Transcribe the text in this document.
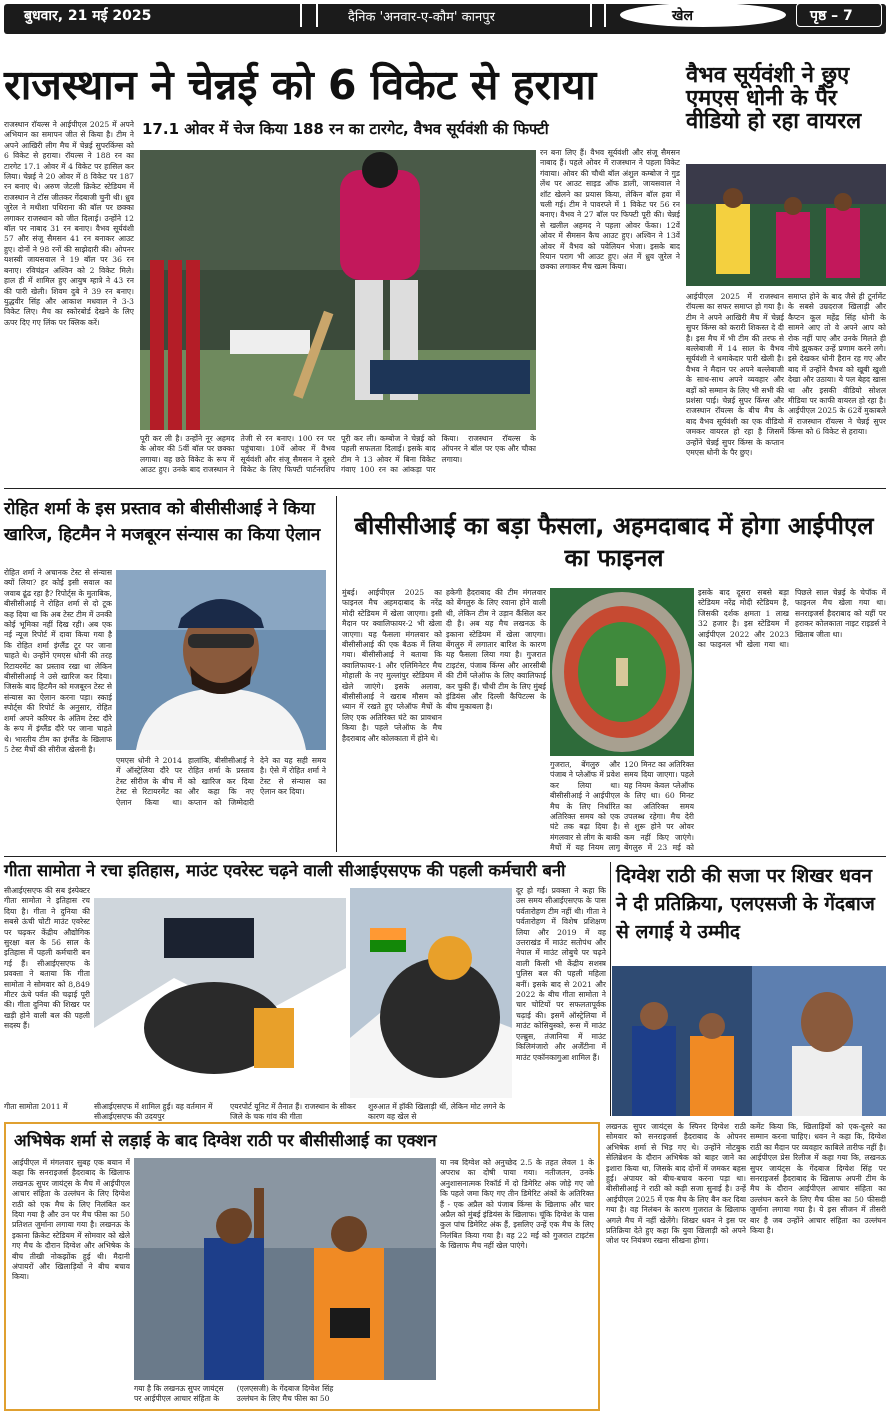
बुधवार, 21 मई 2025	दैनिक 'अनवार-ए-कौम' कानपुर	खेल	पृष्ठ – 7
राजस्थान ने चेन्नई को 6 विकेट से हराया
17.1 ओवर में चेज किया 188 रन का टारगेट, वैभव सूर्यवंशी की फिफ्टी
राजस्थान रॉयल्स ने आईपीएल 2025 में अपने अभियान का समापन जीत से किया है। टीम ने अपने आखिरी लीग मैच में चेन्नई सुपरकिंग्स को 6 विकेट से हराया। रॉयल्स ने 188 रन का टारगेट 17.1 ओवर में 4 विकेट पर हासिल कर लिया। चेन्नई ने 20 ओवर में 8 विकेट पर 187 रन बनाए थे। अरुण जेटली क्रिकेट स्टेडियम में राजस्थान ने टॉस जीतकर गेंदबाजी चुनी थी। ध्रुव जुरेल ने मथीशा पथिराना की बॉल पर छक्का लगाकर राजस्थान को जीत दिलाई। उन्होंने 12 बॉल पर नाबाद 31 रन बनाए। वैभव सूर्यवंशी 57 और संजू सैमसन 41 रन बनाकर आउट हुए। दोनों ने 98 रनों की साझेदारी की। ओपनर यशस्वी जायसवाल ने 19 बॉल पर 36 रन बनाए। रविचंद्रन अश्विन को 2 विकेट मिले। हाल ही में शामिल हुए आयुष म्हात्रे ने 43 रन की पारी खेली। शिवम दुबे ने 39 रन बनाए। युद्धवीर सिंह और आकाश मधवाल ने 3-3 विकेट लिए। मैच का स्कोरबोर्ड देखने के लिए ऊपर दिए गए लिंक पर क्लिक करें।
रन बना लिए हैं। वैभव सूर्यवंशी और संजू सैमसन नाबाद हैं। पहले ओवर में राजस्थान ने पहला विकेट गंवाया। ओवर की चौथी बॉल अंशुल कम्बोज ने गुड लेंथ पर आउट साइड ऑफ डाली, जायसवाल ने शॉट खेलने का प्रयास किया, लेकिन बॉल हवा में चली गई। टीम ने पावरप्ले में 1 विकेट पर 56 रन बनाए। वैभव ने 27 बॉल पर फिफ्टी पूरी की। चेन्नई से खलील अहमद ने पहला ओवर फेंका। 12वें ओवर में सैमसन कैच आउट हुए। अश्विन ने 13वें ओवर में वैभव को पवेलियन भेजा। इसके बाद रियान पराग भी आउट हुए। अंत में ध्रुव जुरेल ने छक्का लगाकर मैच खत्म किया।
पूरी कर ली है। उन्होंने नूर अहमद के ओवर की 5वीं बॉल पर छक्का लगाया। वह छठे विकेट के रूप में आउट हुए। उनके बाद राजस्थान ने तेजी से रन बनाए। 100 रन पर पहुंचाया। 10वें ओवर में वैभव सूर्यवंशी और संजू सैमसन ने दूसरे विकेट के लिए फिफ्टी पार्टनरशिप पूरी कर ली। कम्बोज ने चेन्नई को पहली सफलता दिलाई। इसके बाद टीम ने 13 ओवर में बिना विकेट गंवाए 100 रन का आंकड़ा पार किया। राजस्थान रॉयल्स के ऑपनर ने बॉल पर एक और चौका लगाया।
वैभव सूर्यवंशी ने छुए एमएस धोनी के पैर वीडियो हो रहा वायरल
आईपीएल 2025 में राजस्थान रॉयल्स का सफर समाप्त हो गया है। टीम ने अपने आखिरी मैच में चेन्नई सुपर किंग्स को करारी शिकस्त दे दी है। इस मैच में भी टीम की तरफ से बल्लेबाजी में 14 साल के वैभव सूर्यवंशी ने धमाकेदार पारी खेली है। वैभव ने मैदान पर अपने बल्लेबाजी के साथ-साथ अपने व्यवहार और बड़ों को सम्मान के लिए भी सभी की प्रशंसा पाई। चेन्नई सुपर किंग्स और राजस्थान रॉयल्स के बीच मैच के बाद वैभव सूर्यवंशी का एक वीडियो जमकर वायरल हो रहा है जिसमें उन्होंने चेन्नई सुपर किंग्स के कप्तान एमएस धोनी के पैर छुए।
समाप्त होने के बाद जैसे ही टूर्नामेंट के सबसे उम्रदराज खिलाड़ी और कैप्टन कूल महेंद्र सिंह धोनी के सामने आए तो वे अपने आप को रोक नहीं पाए और उनके मिलते ही नीचे झुककर उन्हें प्रणाम करने लगे। इसे देखकर धोनी हैरान रह गए और बाद में उन्होंने वैभव को खूबी खुशी देखा और उठाया। ये पल बेहद खास था और इसकी वीडियो सोशल मीडिया पर काफी वायरल हो रहा है। आईपीएल 2025 के 62वें मुकाबले में राजस्थान रॉयल्स ने चेन्नई सुपर किंग्स को 6 विकेट से हराया।
रोहित शर्मा के इस प्रस्ताव को बीसीसीआई ने किया खारिज, हिटमैन ने मजबूरन संन्यास का किया ऐलान
रोहित शर्मा ने अचानक टेस्ट से संन्यास क्यों लिया? हर कोई इसी सवाल का जवाब ढूंढ रहा है? रिपोर्ट्स के मुताबिक, बीसीसीआई ने रोहित शर्मा से दो टूक कह दिया था कि अब टेस्ट टीम में उनकी कोई भूमिका नहीं दिख रही। अब एक नई न्यूज रिपोर्ट में दावा किया गया है कि रोहित शर्मा इंग्लैंड टूर पर जाना चाहते थे। उन्होंने एमएस धोनी की तरह रिटायरमेंट का प्रस्ताव रखा था लेकिन बीसीसीआई ने उसे खारिज कर दिया। जिसके बाद हिटमैन को मजबूरन टेस्ट से संन्यास का ऐलान करना पड़ा। स्काई स्पोर्ट्स की रिपोर्ट के अनुसार, रोहित शर्मा अपने करियर के अंतिम टेस्ट दौरे के रूप में इंग्लैंड दौरे पर जाना चाहते थे। भारतीय टीम का इंग्लैंड के खिलाफ 5 टेस्ट मैचों की सीरीज खेलनी है।
एमएस धोनी ने 2014 में ऑस्ट्रेलिया दौरे पर टेस्ट सीरीज के बीच में टेस्ट से रिटायरमेंट का ऐलान किया था। हालांकि, बीसीसीआई ने रोहित शर्मा के प्रस्ताव को खारिज कर दिया और कहा कि नए कप्तान को जिम्मेदारी देने का यह सही समय है। ऐसे में रोहित शर्मा ने टेस्ट से संन्यास का ऐलान कर दिया।
बीसीसीआई का बड़ा फैसला, अहमदाबाद में होगा आईपीएल का फाइनल
मुंबई। आईपीएल 2025 का फाइनल मैच अहमदाबाद के नरेंद्र मोदी स्टेडियम में खेला जाएगा। इसी मैदान पर क्वालिफायर-2 भी खेला जाएगा। यह फैसला मंगलवार को बीसीसीआई की एक बैठक में लिया गया। बीसीसीआई ने बताया कि क्वालिफायर-1 और एलिमिनेटर मैच मोहाली के नए मुल्लांपुर स्टेडियम में खेले जाएंगे। इसके अलावा, बीसीसीआई ने खराब मौसम को ध्यान में रखते हुए प्लेऑफ मैचों के लिए एक अतिरिक्त घंटे का प्रावधान किया है। पहले प्लेऑफ के मैच हैदराबाद और कोलकाता में होने थे।
हकेगी हैदराबाद की टीम मंगलवार को बेंगलुरु के लिए रवाना होने वाली थी, लेकिन टीम ने उड़ान कैंसिल कर दी है। अब यह मैच लखनऊ के इकाना स्टेडियम में खेला जाएगा। बेंगलुरु में लगातार बारिश के कारण यह फैसला लिया गया है। गुजरात टाइटंस, पंजाब किंग्स और आरसीबी की टीमें प्लेऑफ के लिए क्वालिफाई कर चुकी हैं। चौथी टीम के लिए मुंबई इंडियंस और दिल्ली कैपिटल्स के बीच मुकाबला है।
गुजरात, बेंगलुरु और पंजाब ने प्लेऑफ में प्रवेश कर लिया था। बीसीसीआई ने आईपीएल मैच के लिए निर्धारित अतिरिक्त समय को एक घंटे तक बढ़ा दिया है। मंगलवार से लीग के बाकी मैचों में यह नियम लागू
120 मिनट का अतिरिक्त समय दिया जाएगा। पहले यह नियम केवल प्लेऑफ के लिए था। 60 मिनट का अतिरिक्त समय उपलब्ध रहेगा। मैच देरी से शुरू होने पर ओवर कम नहीं किए जाएंगे। बेंगलुरु में 23 मई को
इसके बाद दूसरा सबसे बड़ा स्टेडियम नरेंद्र मोदी स्टेडियम है, जिसकी दर्शक क्षमता 1 लाख 32 हजार है। इस स्टेडियम में आईपीएल 2022 और 2023 का फाइनल भी खेला गया था। पिछले साल चेन्नई के चेपॉक में फाइनल मैच खेला गया था। सनराइजर्स हैदराबाद को यहीं पर हराकर कोलकाता नाइट राइडर्स ने खिताब जीता था।
गीता सामोता ने रचा इतिहास, माउंट एवरेस्ट चढ़ने वाली सीआईएसएफ की पहली कर्मचारी बनी
सीआईएसएफ की सब इंस्पेक्टर गीता सामोता ने इतिहास रच दिया है। गीता ने दुनिया की सबसे ऊंची चोटी माउंट एवरेस्ट पर चढ़कर केंद्रीय औद्योगिक सुरक्षा बल के 56 साल के इतिहास में पहली कर्मचारी बन गई हैं। सीआईएसएफ के प्रवक्ता ने बताया कि गीता सामोता ने सोमवार को 8,849 मीटर ऊंचे पर्वत की चढ़ाई पूरी की। गीता दुनिया की शिखर पर खड़ी होने वाली बल की पहली सदस्य हैं।
दूर हो गईं। प्रवक्ता ने कहा कि उस समय सीआईएसएफ के पास पर्वतारोहण टीम नहीं थी। गीता ने पर्वतारोहण में विशेष प्रशिक्षण लिया और 2019 में वह उत्तराखंड में माउंट सतोपंथ और नेपाल में माउंट लोबुचे पर चढ़ने वाली किसी भी केंद्रीय सशस्त्र पुलिस बल की पहली महिला बनीं। इसके बाद से 2021 और 2022 के बीच गीता सामोता ने चार चोटियों पर सफलतापूर्वक चढ़ाई की। इसमें ऑस्ट्रेलिया में माउंट कोसियुस्को, रूस में माउंट एल्ब्रुस, तंजानिया में माउंट किलिमंजारो और अर्जेंटीना में माउंट एकॉनकागुआ शामिल हैं।
सीआईएसएफ में शामिल हुईं। वह वर्तमान में सीआईएसएफ की उदयपुर
एयरपोर्ट यूनिट में तैनात हैं। राजस्थान के सीकर जिले के चक गांव की गीता
शुरुआत में हॉकी खिलाड़ी थीं, लेकिन मोट लगने के कारण वह खेल से
गीता सामोता 2011 में
दिग्वेश राठी की सजा पर शिखर धवन ने दी प्रतिक्रिया, एलएसजी के गेंदबाज से लगाई ये उम्मीद
अभिषेक शर्मा से लड़ाई के बाद दिग्वेश राठी पर बीसीसीआई का एक्शन
आईपीएल में मंगलवार सुबह एक बयान में कहा कि सनराइजर्स हैदराबाद के खिलाफ लखनऊ सुपर जायंट्स के मैच में आईपीएल आचार संहिता के उल्लंघन के लिए दिग्वेश राठी को एक मैच के लिए निलंबित कर दिया गया है और उन पर मैच फीस का 50 प्रतिशत जुर्माना लगाया गया है। लखनऊ के इकाना क्रिकेट स्टेडियम में सोमवार को खेले गए मैच के दौरान दिग्वेश और अभिषेक के बीच तीखी नोकझोंक हुई थी। मैदानी अंपायरों और खिलाड़ियों ने बीच बचाव किया।
गया है कि लखनऊ सुपर जायंट्स पर आईपीएल आचार संहिता के (एलएसजी) के गेंदबाज दिग्वेश सिंह उल्लंघन के लिए मैच फीस का 50
या नब दिग्वेश को अनुच्छेद 2.5 के तहत लेवल 1 के अपराध का दोषी पाया गया। नतीजतन, उनके अनुशासनात्मक रिकॉर्ड में दो डिमेरिट अंक जोड़े गए जो कि पहले जमा किए गए तीन डिमेरिट अंकों के अतिरिक्त हैं - एक अप्रैल को पंजाब किंग्स के खिलाफ और चार अप्रैल को मुंबई इंडियंस के खिलाफ। चूंकि दिग्वेश के पास कुल पांच डिमेरिट अंक हैं, इसलिए उन्हें एक मैच के लिए निलंबित किया गया है। वह 22 मई को गुजरात टाइटंस के खिलाफ मैच नहीं खेल पाएंगे।
लखनऊ सुपर जायंट्स के स्पिनर दिग्वेश राठी सोमवार को सनराइजर्स हैदराबाद के ओपनर अभिषेक शर्मा से भिड़ गए थे। उन्होंने नोटबुक सेलिब्रेशन के दौरान अभिषेक को बाहर जाने का इशारा किया था, जिसके बाद दोनों में जमकर बहस हुई। अंपायर को बीच-बचाव करना पड़ा था। बीसीसीआई ने राठी को कड़ी सजा सुनाई है। उन्हें आईपीएल 2025 में एक मैच के लिए बैन कर दिया गया है। वह निलंबन के कारण गुजरात के खिलाफ अगले मैच में नहीं खेलेंगे। शिखर धवन ने इस पर प्रतिक्रिया देते हुए कहा कि युवा खिलाड़ी को अपने जोश पर नियंत्रण रखना सीखना होगा।
कमेंट किया कि, खिलाड़ियों को एक-दूसरे का सम्मान करना चाहिए। धवन ने कहा कि, दिग्वेश राठी का मैदान पर व्यवहार काबिले तारीफ नहीं है। आईपीएल प्रेस रिलीज में कहा गया कि, लखनऊ सुपर जायंट्स के गेंदबाज दिग्वेश सिंह पर सनराइजर्स हैदराबाद के खिलाफ अपनी टीम के मैच के दौरान आईपीएल आचार संहिता का उल्लंघन करने के लिए मैच फीस का 50 फीसदी जुर्माना लगाया गया है। ये इस सीजन में तीसरी बार है जब उन्होंने आचार संहिता का उल्लंघन किया है।
